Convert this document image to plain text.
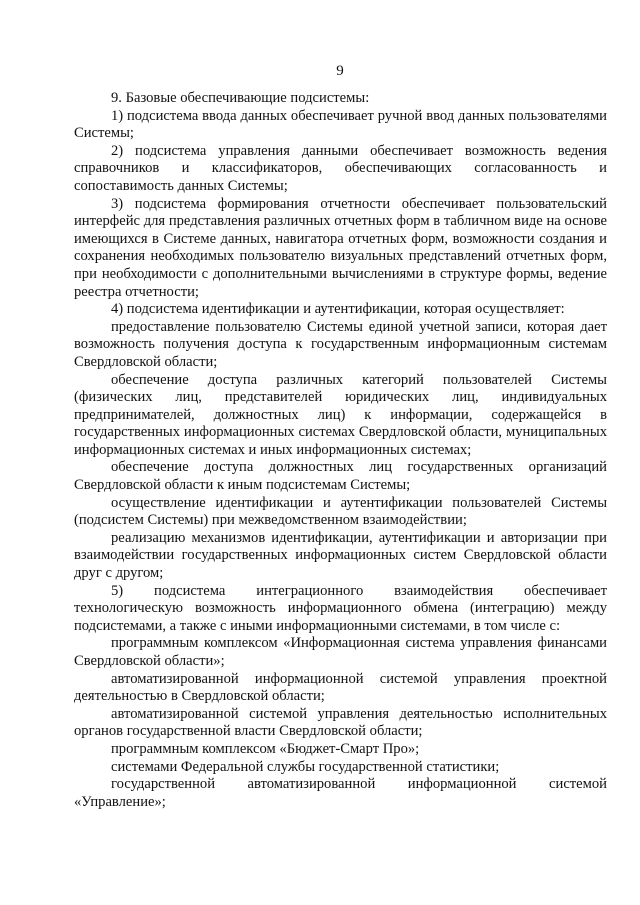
9

9. Базовые обеспечивающие подсистемы:

1) подсистема ввода данных обеспечивает ручной ввод данных пользователями Системы;

2) подсистема управления данными обеспечивает возможность ведения справочников и классификаторов, обеспечивающих согласованность и сопоставимость данных Системы;

3) подсистема формирования отчетности обеспечивает пользовательский интерфейс для представления различных отчетных форм в табличном виде на основе имеющихся в Системе данных, навигатора отчетных форм, возможности создания и сохранения необходимых пользователю визуальных представлений отчетных форм, при необходимости с дополнительными вычислениями в структуре формы, ведение реестра отчетности;

4) подсистема идентификации и аутентификации, которая осуществляет:

предоставление пользователю Системы единой учетной записи, которая дает возможность получения доступа к государственным информационным системам Свердловской области;

обеспечение доступа различных категорий пользователей Системы (физических лиц, представителей юридических лиц, индивидуальных предпринимателей, должностных лиц) к информации, содержащейся в государственных информационных системах Свердловской области, муниципальных информационных системах и иных информационных системах;

обеспечение доступа должностных лиц государственных организаций Свердловской области к иным подсистемам Системы;

осуществление идентификации и аутентификации пользователей Системы (подсистем Системы) при межведомственном взаимодействии;

реализацию механизмов идентификации, аутентификации и авторизации при взаимодействии государственных информационных систем Свердловской области друг с другом;

5) подсистема интеграционного взаимодействия обеспечивает технологическую возможность информационного обмена (интеграцию) между подсистемами, а также с иными информационными системами, в том числе с:

программным комплексом «Информационная система управления финансами Свердловской области»;

автоматизированной информационной системой управления проектной деятельностью в Свердловской области;

автоматизированной системой управления деятельностью исполнительных органов государственной власти Свердловской области;

программным комплексом «Бюджет-Смарт Про»;

системами Федеральной службы государственной статистики;

государственной автоматизированной информационной системой «Управление»;
